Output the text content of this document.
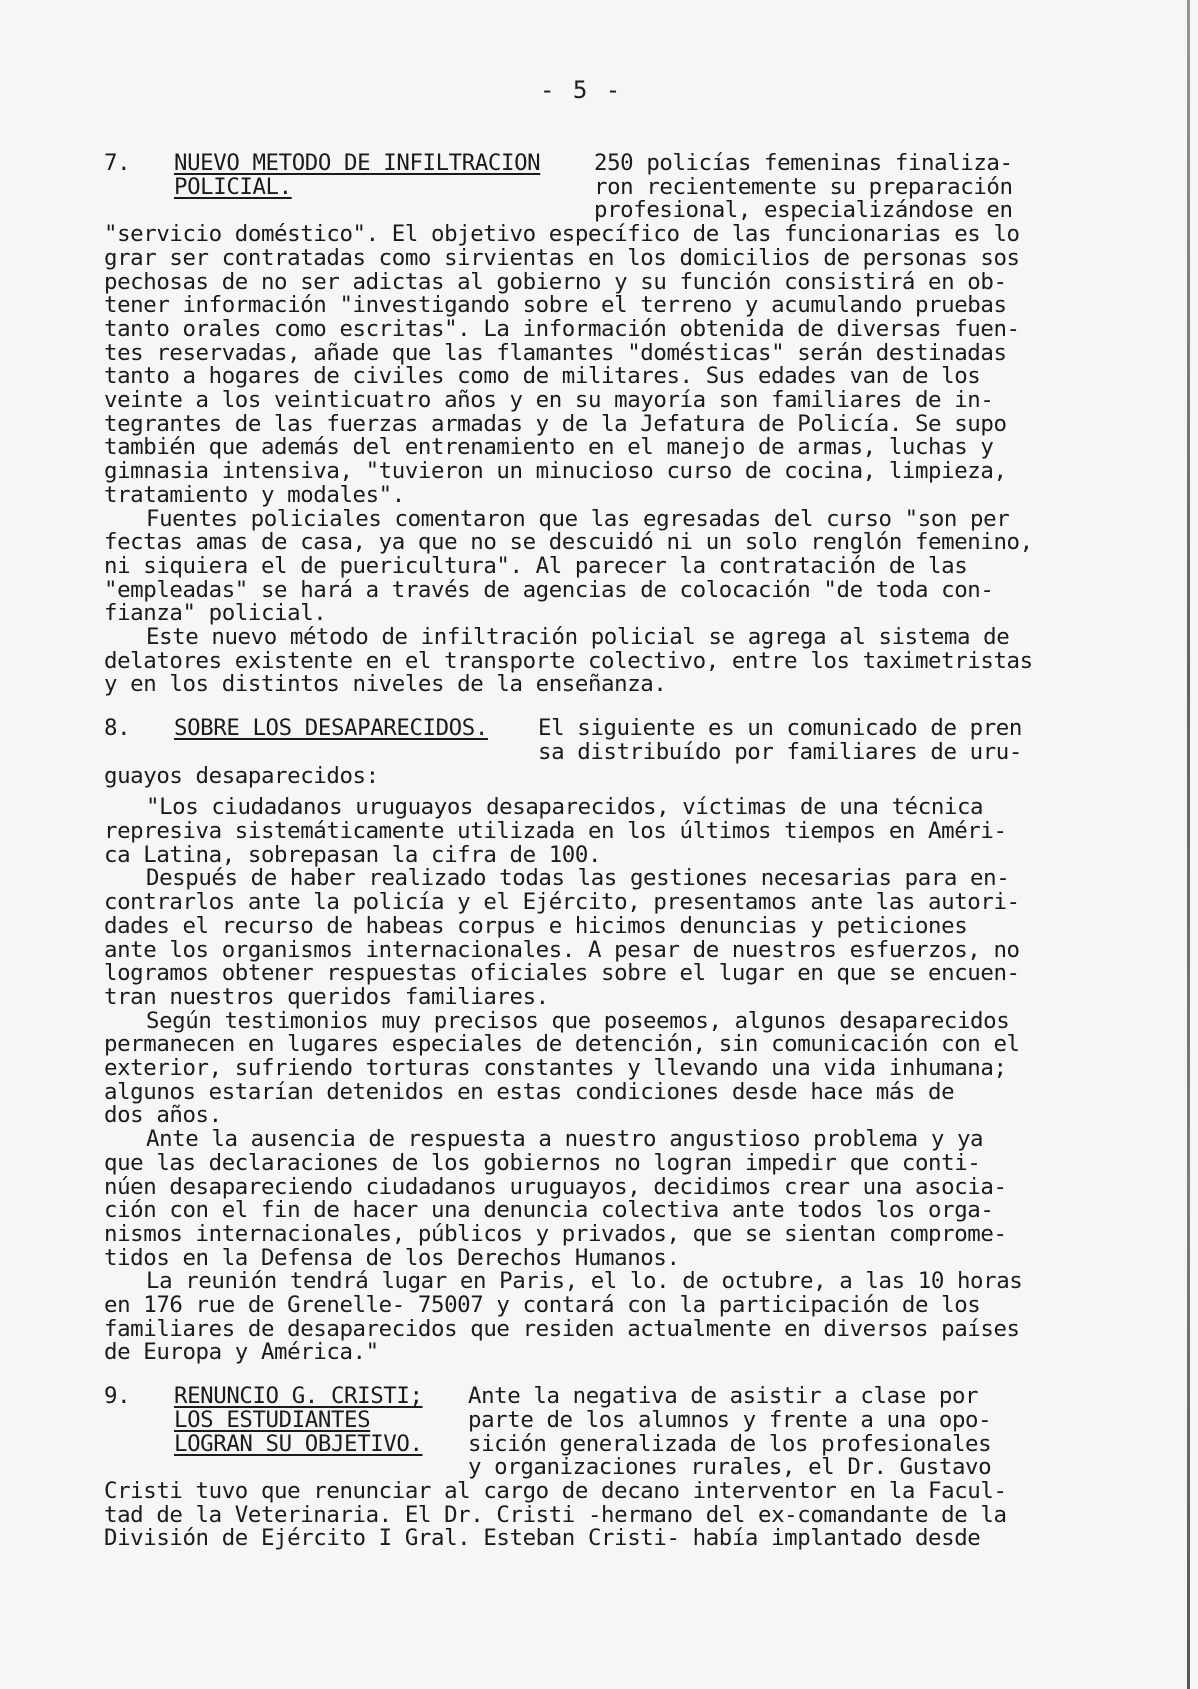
- 5 -
7.	NUEVO METODO DE INFILTRACION
POLICIAL.
250 policías femeninas finaliza-
ron recientemente su preparación
profesional, especializándose en
"servicio doméstico". El objetivo específico de las funcionarias es lo
grar ser contratadas como sirvientas en los domicilios de personas sos
pechosas de no ser adictas al gobierno y su función consistirá en ob-
tener información "investigando sobre el terreno y acumulando pruebas
tanto orales como escritas". La información obtenida de diversas fuen-
tes reservadas, añade que las flamantes "domésticas" serán destinadas
tanto a hogares de civiles como de militares. Sus edades van de los
veinte a los veinticuatro años y en su mayoría son familiares de in-
tegrantes de las fuerzas armadas y de la Jefatura de Policía. Se supo
también que además del entrenamiento en el manejo de armas, luchas y
gimnasia intensiva, "tuvieron un minucioso curso de cocina, limpieza,
tratamiento y modales".
Fuentes policiales comentaron que las egresadas del curso "son per
fectas amas de casa, ya que no se descuidó ni un solo renglón femenino,
ni siquiera el de puericultura". Al parecer la contratación de las
"empleadas" se hará a través de agencias de colocación "de toda con-
fianza" policial.
Este nuevo método de infiltración policial se agrega al sistema de
delatores existente en el transporte colectivo, entre los taximetristas
y en los distintos niveles de la enseñanza.
8.	SOBRE LOS DESAPARECIDOS.	El siguiente es un comunicado de pren
sa distribuído por familiares de uru-
guayos desaparecidos:
"Los ciudadanos uruguayos desaparecidos, víctimas de una técnica
represiva sistemáticamente utilizada en los últimos tiempos en Améri-
ca Latina, sobrepasan la cifra de 100.
Después de haber realizado todas las gestiones necesarias para en-
contrarlos ante la policía y el Ejército, presentamos ante las autori-
dades el recurso de habeas corpus e hicimos denuncias y peticiones
ante los organismos internacionales. A pesar de nuestros esfuerzos, no
logramos obtener respuestas oficiales sobre el lugar en que se encuen-
tran nuestros queridos familiares.
Según testimonios muy precisos que poseemos, algunos desaparecidos
permanecen en lugares especiales de detención, sin comunicación con el
exterior, sufriendo torturas constantes y llevando una vida inhumana;
algunos estarían detenidos en estas condiciones desde hace más de
dos años.
Ante la ausencia de respuesta a nuestro angustioso problema y ya
que las declaraciones de los gobiernos no logran impedir que conti-
núen desapareciendo ciudadanos uruguayos, decidimos crear una asocia-
ción con el fin de hacer una denuncia colectiva ante todos los orga-
nismos internacionales, públicos y privados, que se sientan comprome-
tidos en la Defensa de los Derechos Humanos.
La reunión tendrá lugar en Paris, el lo. de octubre, a las 10 horas
en 176 rue de Grenelle- 75007 y contará con la participación de los
familiares de desaparecidos que residen actualmente en diversos países
de Europa y América."
9.	RENUNCIO G. CRISTI;
LOS ESTUDIANTES
LOGRAN SU OBJETIVO.
Ante la negativa de asistir a clase por
parte de los alumnos y frente a una opo-
sición generalizada de los profesionales
y organizaciones rurales, el Dr. Gustavo
Cristi tuvo que renunciar al cargo de decano interventor en la Facul-
tad de la Veterinaria. El Dr. Cristi -hermano del ex-comandante de la
División de Ejército I Gral. Esteban Cristi- había implantado desde
